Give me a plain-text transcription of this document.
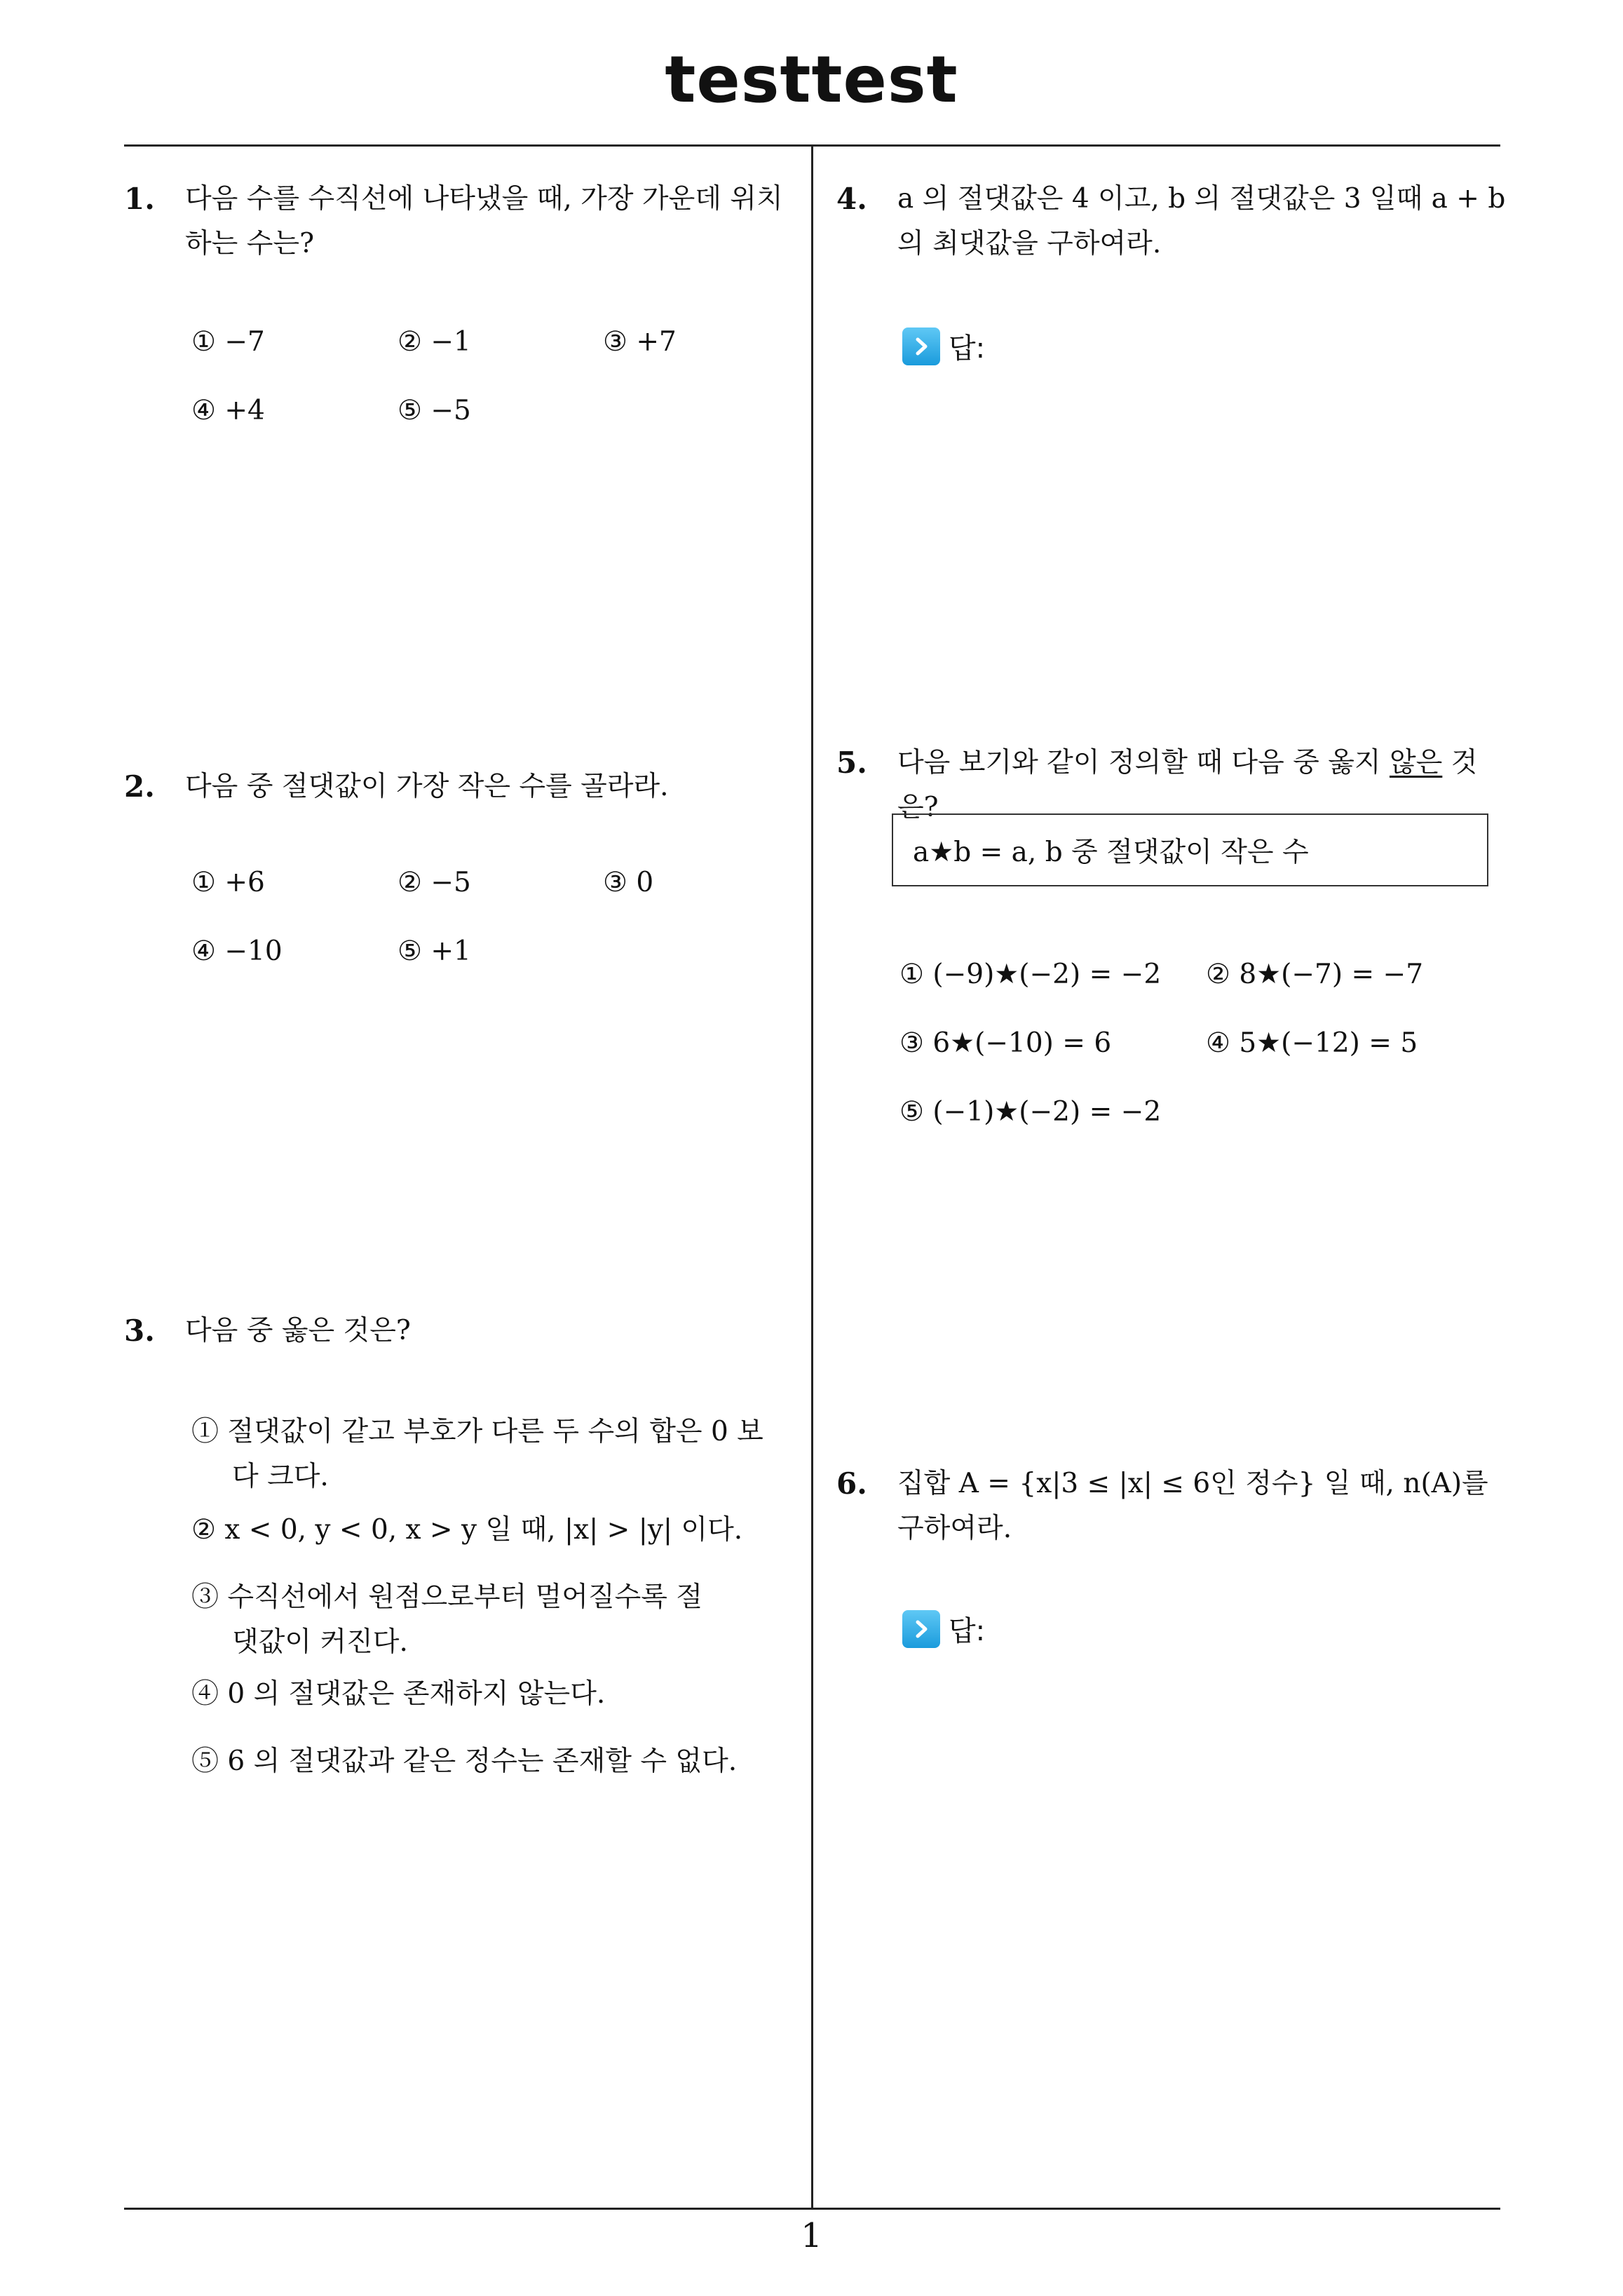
testtest
1. 다음 수를 수직선에 나타냈을 때, 가장 가운데 위치하는 수는?
① −7	② −1	③ +7
④ +4	⑤ −5
2. 다음 중 절댓값이 가장 작은 수를 골라라.
① +6	② −5	③ 0
④ −10	⑤ +1
3. 다음 중 옳은 것은?
① 절댓값이 같고 부호가 다른 두 수의 합은 0 보다 크다.
② x < 0, y < 0, x > y 일 때, |x| > |y| 이다.
③ 수직선에서 원점으로부터 멀어질수록 절댓값이 커진다.
④ 0 의 절댓값은 존재하지 않는다.
⑤ 6 의 절댓값과 같은 정수는 존재할 수 없다.
4. a 의 절댓값은 4 이고, b 의 절댓값은 3 일때 a + b 의 최댓값을 구하여라.
답:
5. 다음 보기와 같이 정의할 때 다음 중 옳지 않은 것은?
a★b = a, b 중 절댓값이 작은 수
① (−9)★(−2) = −2 ② 8★(−7) = −7
③ 6★(−10) = 6	④ 5★(−12) = 5
⑤ (−1)★(−2) = −2
6. 집합 A = {x|3 ≤ |x| ≤ 6인 정수} 일 때, n(A)를 구하여라.
답:
1
